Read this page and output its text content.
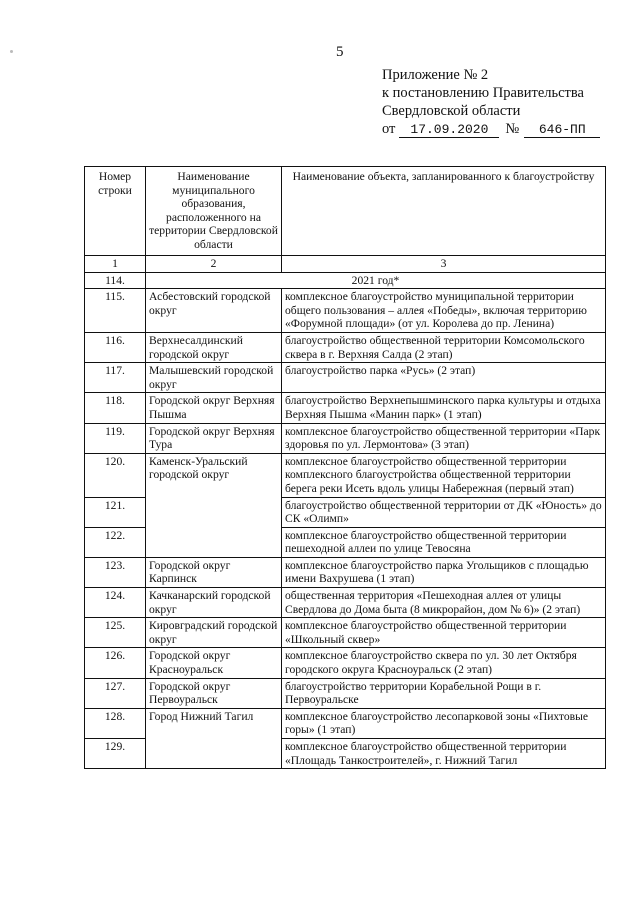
5
Приложение № 2
к постановлению Правительства
Свердловской области
от	17.09.2020	№	646-ПП
Номер строки	Наименование муниципального образования, расположенного на территории Свердловской области	Наименование объекта, запланированного к благоустройству
1	2	3
114.	2021 год*	
115.	Асбестовский городской округ	комплексное благоустройство муниципальной территории общего пользования – аллея «Победы», включая территорию «Форумной площади» (от ул. Королева до пр. Ленина)
116.	Верхнесалдинский городской округ	благоустройство общественной территории Комсомольского сквера в г. Верхняя Салда (2 этап)
117.	Малышевский городской округ	благоустройство парка «Русь» (2 этап)
118.	Городской округ Верхняя Пышма	благоустройство Верхнепышминского парка культуры и отдыха Верхняя Пышма «Манин парк» (1 этап)
119.	Городской округ Верхняя Тура	комплексное благоустройство общественной территории «Парк здоровья по ул. Лермонтова» (3 этап)
120.	Каменск-Уральский городской округ	комплексное благоустройство общественной территории комплексного благоустройства общественной территории берега реки Исеть вдоль улицы Набережная (первый этап)
121.		благоустройство общественной территории от ДК «Юность» до СК «Олимп»
122.		комплексное благоустройство общественной территории пешеходной аллеи по улице Тевосяна
123.	Городской округ Карпинск	комплексное благоустройство парка Угольщиков с площадью имени Вахрушева (1 этап)
124.	Качканарский городской округ	общественная территория «Пешеходная аллея от улицы Свердлова до Дома быта (8 микрорайон, дом № 6)» (2 этап)
125.	Кировградский городской округ	комплексное благоустройство общественной территории «Школьный сквер»
126.	Городской округ Красноуральск	комплексное благоустройство сквера по ул. 30 лет Октября городского округа Красноуральск (2 этап)
127.	Городской округ Первоуральск	благоустройство территории Корабельной Рощи в г. Первоуральске
128.	Город Нижний Тагил	комплексное благоустройство лесопарковой зоны «Пихтовые горы» (1 этап)
129.		комплексное благоустройство общественной территории «Площадь Танкостроителей», г. Нижний Тагил
